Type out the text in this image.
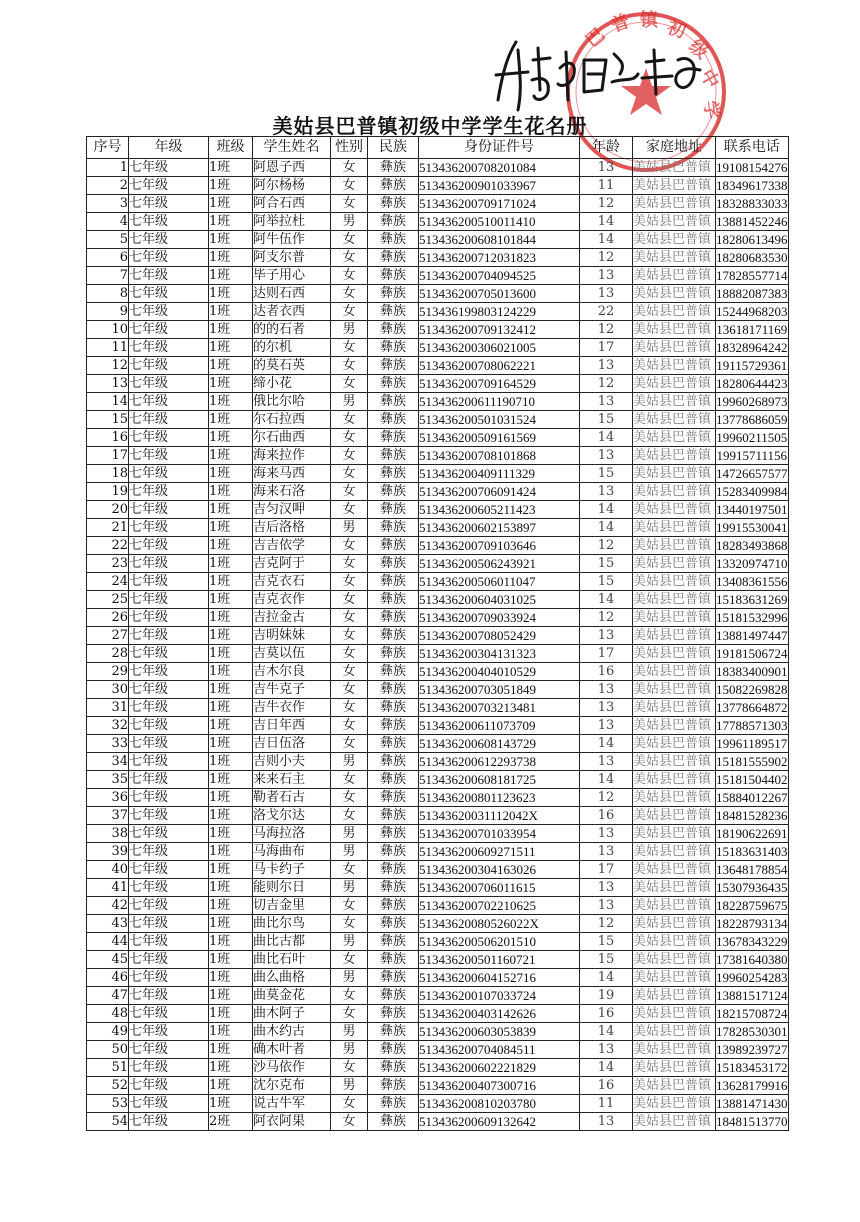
巴
普 镇 初
级
中
学
美姑县巴普镇初级中学学生花名册
序号	年级	班级	学生姓名	性别	民族	身份证件号	年龄	家庭地址	联系电话
1	七年级	1班	阿恩子西	女	彝族	513436200708201084	13	美姑县巴普镇	19108154276
2	七年级	1班	阿尔杨杨	女	彝族	513436200901033967	11	美姑县巴普镇	18349617338
3	七年级	1班	阿合石西	女	彝族	513436200709171024	12	美姑县巴普镇	18328833033
4	七年级	1班	阿举拉杜	男	彝族	513436200510011410	14	美姑县巴普镇	13881452246
5	七年级	1班	阿牛伍作	女	彝族	513436200608101844	14	美姑县巴普镇	18280613496
6	七年级	1班	阿支尔普	女	彝族	513436200712031823	12	美姑县巴普镇	18280683530
7	七年级	1班	毕子用心	女	彝族	513436200704094525	13	美姑县巴普镇	17828557714
8	七年级	1班	达则石西	女	彝族	513436200705013600	13	美姑县巴普镇	18882087383
9	七年级	1班	达者衣西	女	彝族	513436199803124229	22	美姑县巴普镇	15244968203
10	七年级	1班	的的石者	男	彝族	513436200709132412	12	美姑县巴普镇	13618171169
11	七年级	1班	的尔机	女	彝族	513436200306021005	17	美姑县巴普镇	18328964242
12	七年级	1班	的莫石英	女	彝族	513436200708062221	13	美姑县巴普镇	19115729361
13	七年级	1班	缔小花	女	彝族	513436200709164529	12	美姑县巴普镇	18280644423
14	七年级	1班	俄比尔哈	男	彝族	513436200611190710	13	美姑县巴普镇	19960268973
15	七年级	1班	尔石拉西	女	彝族	513436200501031524	15	美姑县巴普镇	13778686059
16	七年级	1班	尔石曲西	女	彝族	513436200509161569	14	美姑县巴普镇	19960211505
17	七年级	1班	海来拉作	女	彝族	513436200708101868	13	美姑县巴普镇	19915711156
18	七年级	1班	海来马西	女	彝族	513436200409111329	15	美姑县巴普镇	14726657577
19	七年级	1班	海来石洛	女	彝族	513436200706091424	13	美姑县巴普镇	15283409984
20	七年级	1班	吉匀汉呷	女	彝族	513436200605211423	14	美姑县巴普镇	13440197501
21	七年级	1班	吉后洛格	男	彝族	513436200602153897	14	美姑县巴普镇	19915530041
22	七年级	1班	吉吉依学	女	彝族	513436200709103646	12	美姑县巴普镇	18283493868
23	七年级	1班	吉克阿于	女	彝族	513436200506243921	15	美姑县巴普镇	13320974710
24	七年级	1班	吉克衣石	女	彝族	513436200506011047	15	美姑县巴普镇	13408361556
25	七年级	1班	吉克衣作	女	彝族	513436200604031025	14	美姑县巴普镇	15183631269
26	七年级	1班	吉拉金古	女	彝族	513436200709033924	12	美姑县巴普镇	15181532996
27	七年级	1班	吉明妹妹	女	彝族	513436200708052429	13	美姑县巴普镇	13881497447
28	七年级	1班	吉莫以伍	女	彝族	513436200304131323	17	美姑县巴普镇	19181506724
29	七年级	1班	吉木尔良	女	彝族	513436200404010529	16	美姑县巴普镇	18383400901
30	七年级	1班	吉牛克子	女	彝族	513436200703051849	13	美姑县巴普镇	15082269828
31	七年级	1班	吉牛衣作	女	彝族	513436200703213481	13	美姑县巴普镇	13778664872
32	七年级	1班	吉日年西	女	彝族	513436200611073709	13	美姑县巴普镇	17788571303
33	七年级	1班	吉日伍洛	女	彝族	513436200608143729	14	美姑县巴普镇	19961189517
34	七年级	1班	吉则小夫	男	彝族	513436200612293738	13	美姑县巴普镇	15181555902
35	七年级	1班	来来石主	女	彝族	513436200608181725	14	美姑县巴普镇	15181504402
36	七年级	1班	勒者石古	女	彝族	513436200801123623	12	美姑县巴普镇	15884012267
37	七年级	1班	洛戈尔达	女	彝族	51343620031112042X	16	美姑县巴普镇	18481528236
38	七年级	1班	马海拉洛	男	彝族	513436200701033954	13	美姑县巴普镇	18190622691
39	七年级	1班	马海曲布	男	彝族	513436200609271511	13	美姑县巴普镇	15183631403
40	七年级	1班	马卡约子	女	彝族	513436200304163026	17	美姑县巴普镇	13648178854
41	七年级	1班	能则尔日	男	彝族	513436200706011615	13	美姑县巴普镇	15307936435
42	七年级	1班	切吉金里	女	彝族	513436200702210625	13	美姑县巴普镇	18228759675
43	七年级	1班	曲比尔鸟	女	彝族	51343620080526022X	12	美姑县巴普镇	18228793134
44	七年级	1班	曲比古都	男	彝族	513436200506201510	15	美姑县巴普镇	13678343229
45	七年级	1班	曲比石叶	女	彝族	513436200501160721	15	美姑县巴普镇	17381640380
46	七年级	1班	曲么曲格	男	彝族	513436200604152716	14	美姑县巴普镇	19960254283
47	七年级	1班	曲莫金花	女	彝族	513436200107033724	19	美姑县巴普镇	13881517124
48	七年级	1班	曲木阿子	女	彝族	513436200403142626	16	美姑县巴普镇	18215708724
49	七年级	1班	曲木约古	男	彝族	513436200603053839	14	美姑县巴普镇	17828530301
50	七年级	1班	确木叶者	男	彝族	513436200704084511	13	美姑县巴普镇	13989239727
51	七年级	1班	沙马依作	女	彝族	513436200602221829	14	美姑县巴普镇	15183453172
52	七年级	1班	沈尔克布	男	彝族	513436200407300716	16	美姑县巴普镇	13628179916
53	七年级	1班	说古牛军	女	彝族	513436200810203780	11	美姑县巴普镇	13881471430
54	七年级	2班	阿衣阿果	女	彝族	513436200609132642	13	美姑县巴普镇	18481513770
